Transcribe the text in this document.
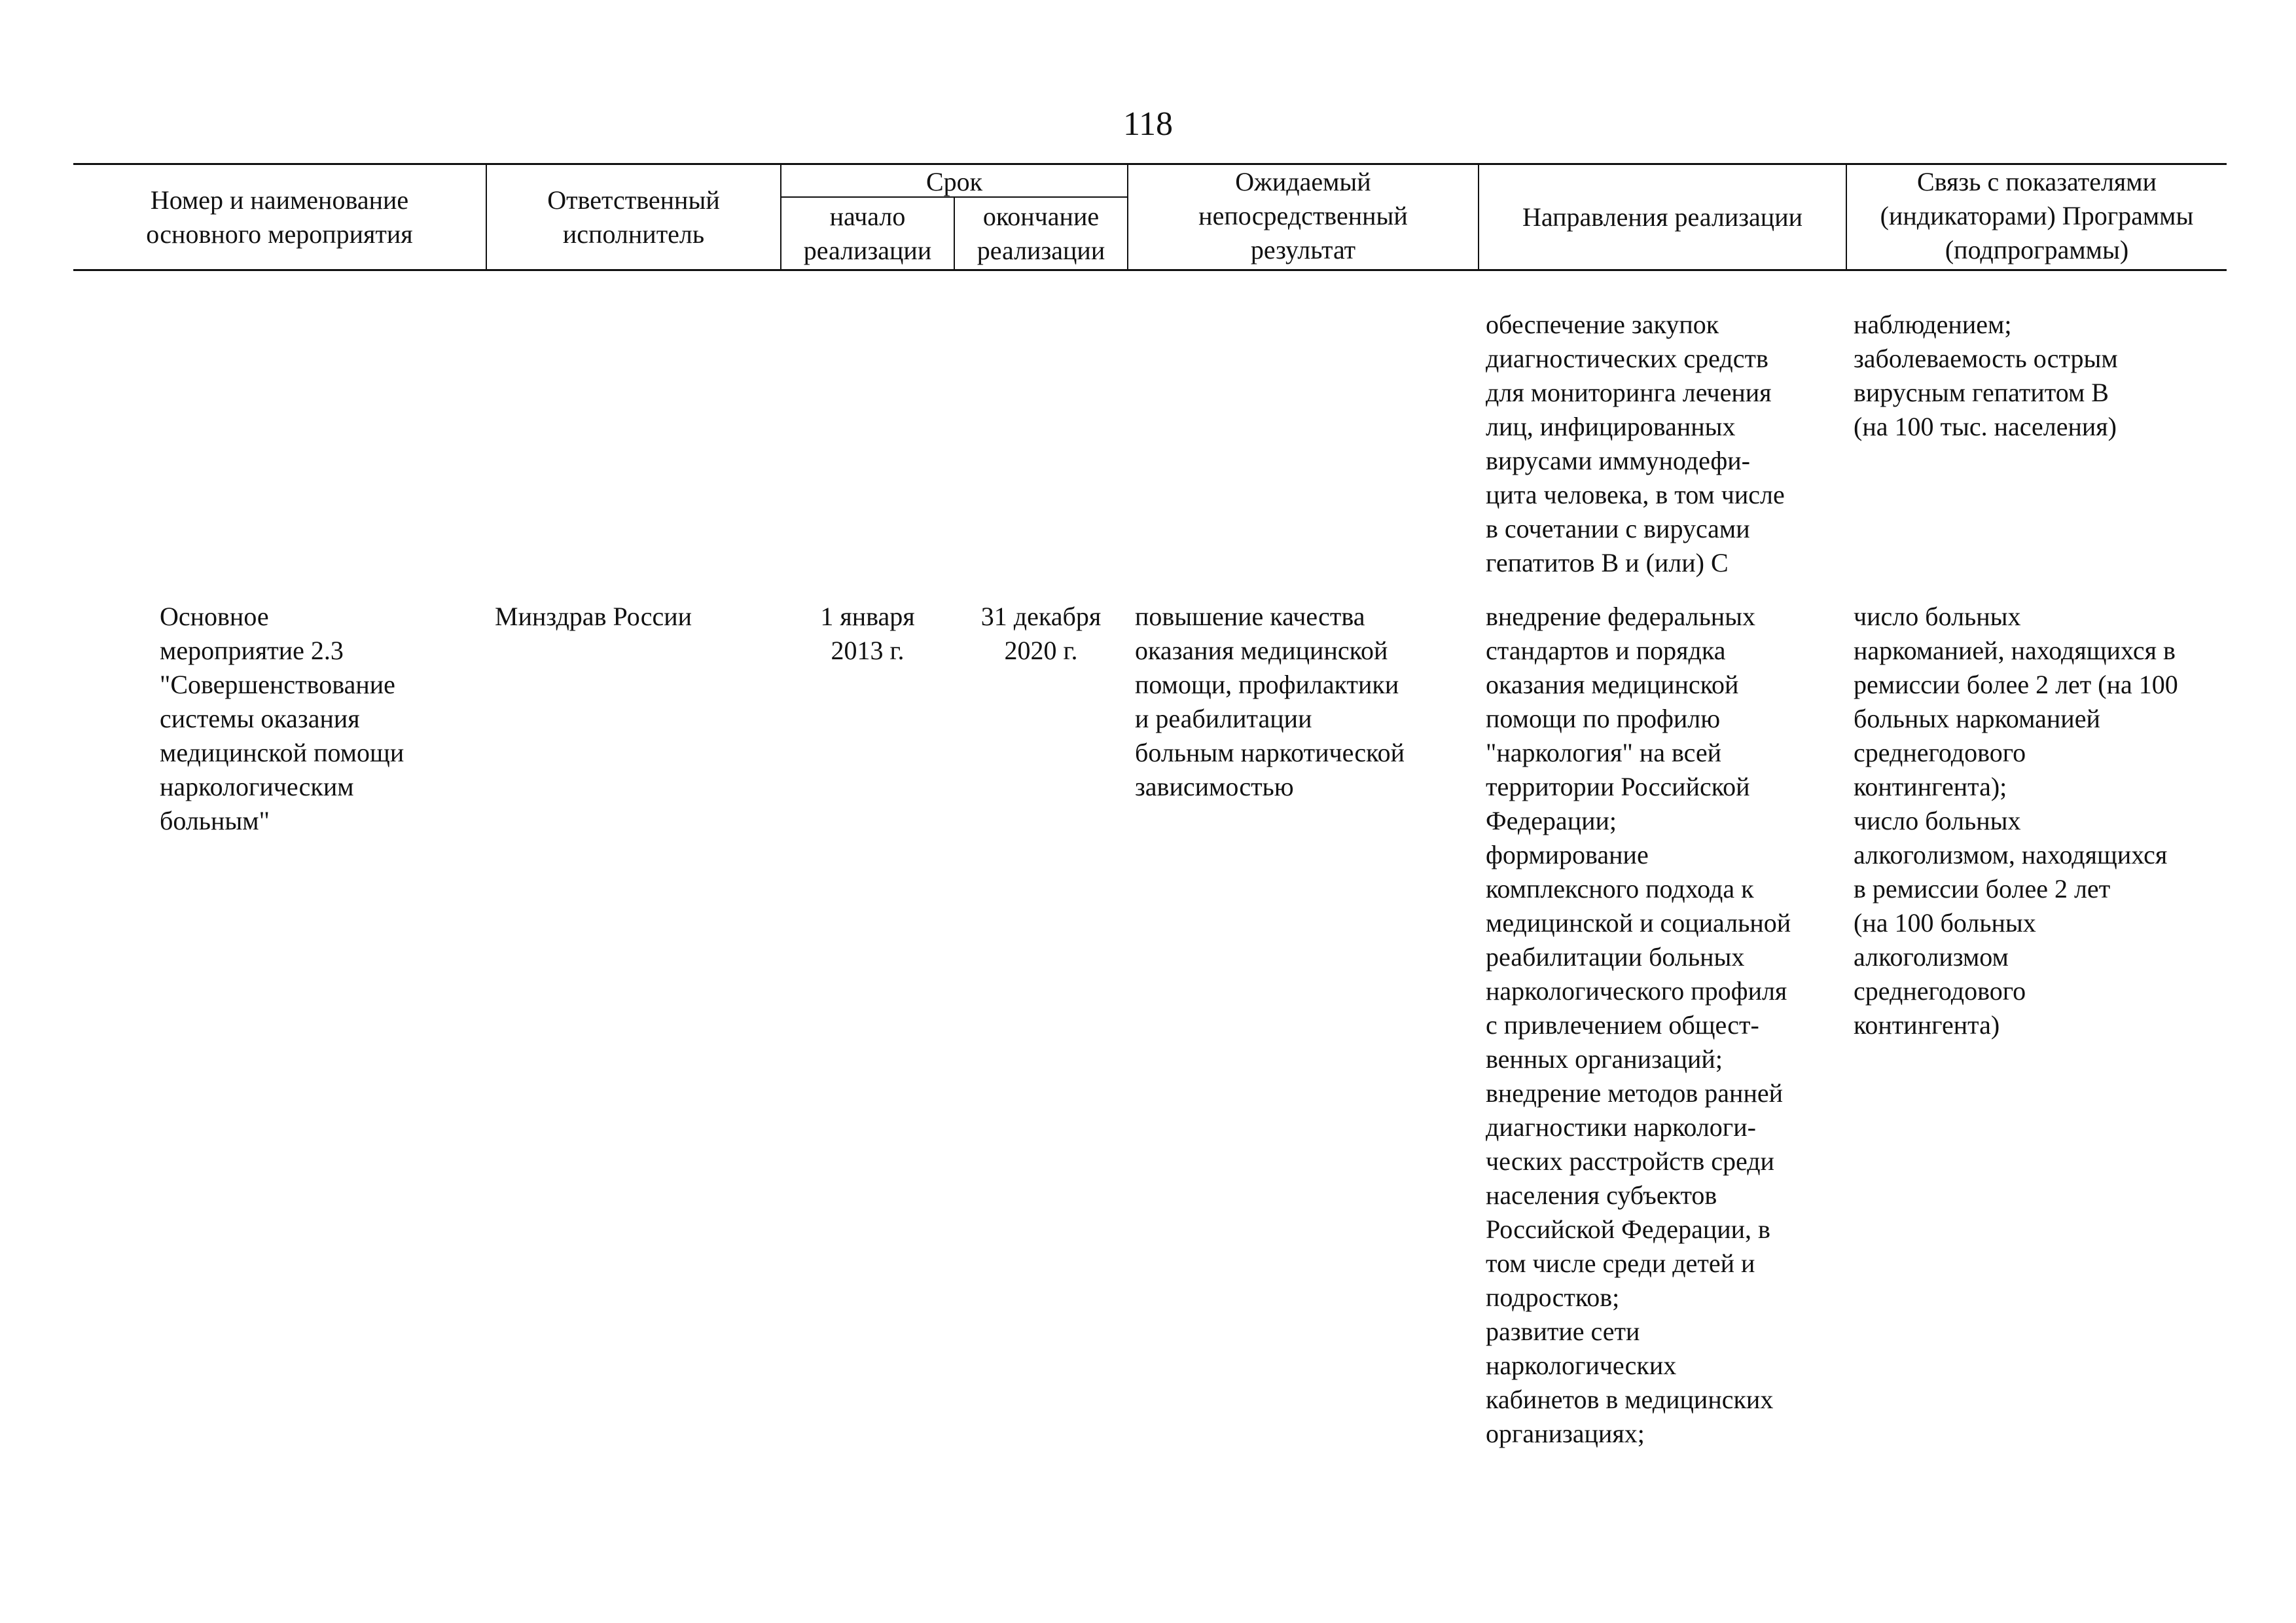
118
Номер и наименование
основного мероприятия
Ответственный
исполнитель
Срок
начало
реализации
окончание
реализации
Ожидаемый
непосредственный
результат
Направления реализации
Связь с показателями
(индикаторами) Программы
(подпрограммы)
обеспечение закупок
диагностических средств
для мониторинга лечения
лиц, инфицированных
вирусами иммунодефи-
цита человека, в том числе
в сочетании с вирусами
гепатитов B и (или) C
наблюдением;
заболеваемость острым
вирусным гепатитом B
(на 100 тыс. населения)
Основное
мероприятие 2.3
"Совершенствование
системы оказания
медицинской помощи
наркологическим
больным"
Минздрав России	1 января
2013 г.
31 декабря
2020 г.
повышение качества
оказания медицинской
помощи, профилактики
и реабилитации
больным наркотической
зависимостью
внедрение федеральных
стандартов и порядка
оказания медицинской
помощи по профилю
"наркология" на всей
территории Российской
Федерации;
формирование
комплексного подхода к
медицинской и социальной
реабилитации больных
наркологического профиля
с привлечением общест-
венных организаций;
внедрение методов ранней
диагностики наркологи-
ческих расстройств среди
населения субъектов
Российской Федерации, в
том числе среди детей и
подростков;
развитие сети
наркологических
кабинетов в медицинских
организациях;
число больных
наркоманией, находящихся в
ремиссии более 2 лет (на 100
больных наркоманией
среднегодового
контингента);
число больных
алкоголизмом, находящихся
в ремиссии более 2 лет
(на 100 больных
алкоголизмом
среднегодового
контингента)
